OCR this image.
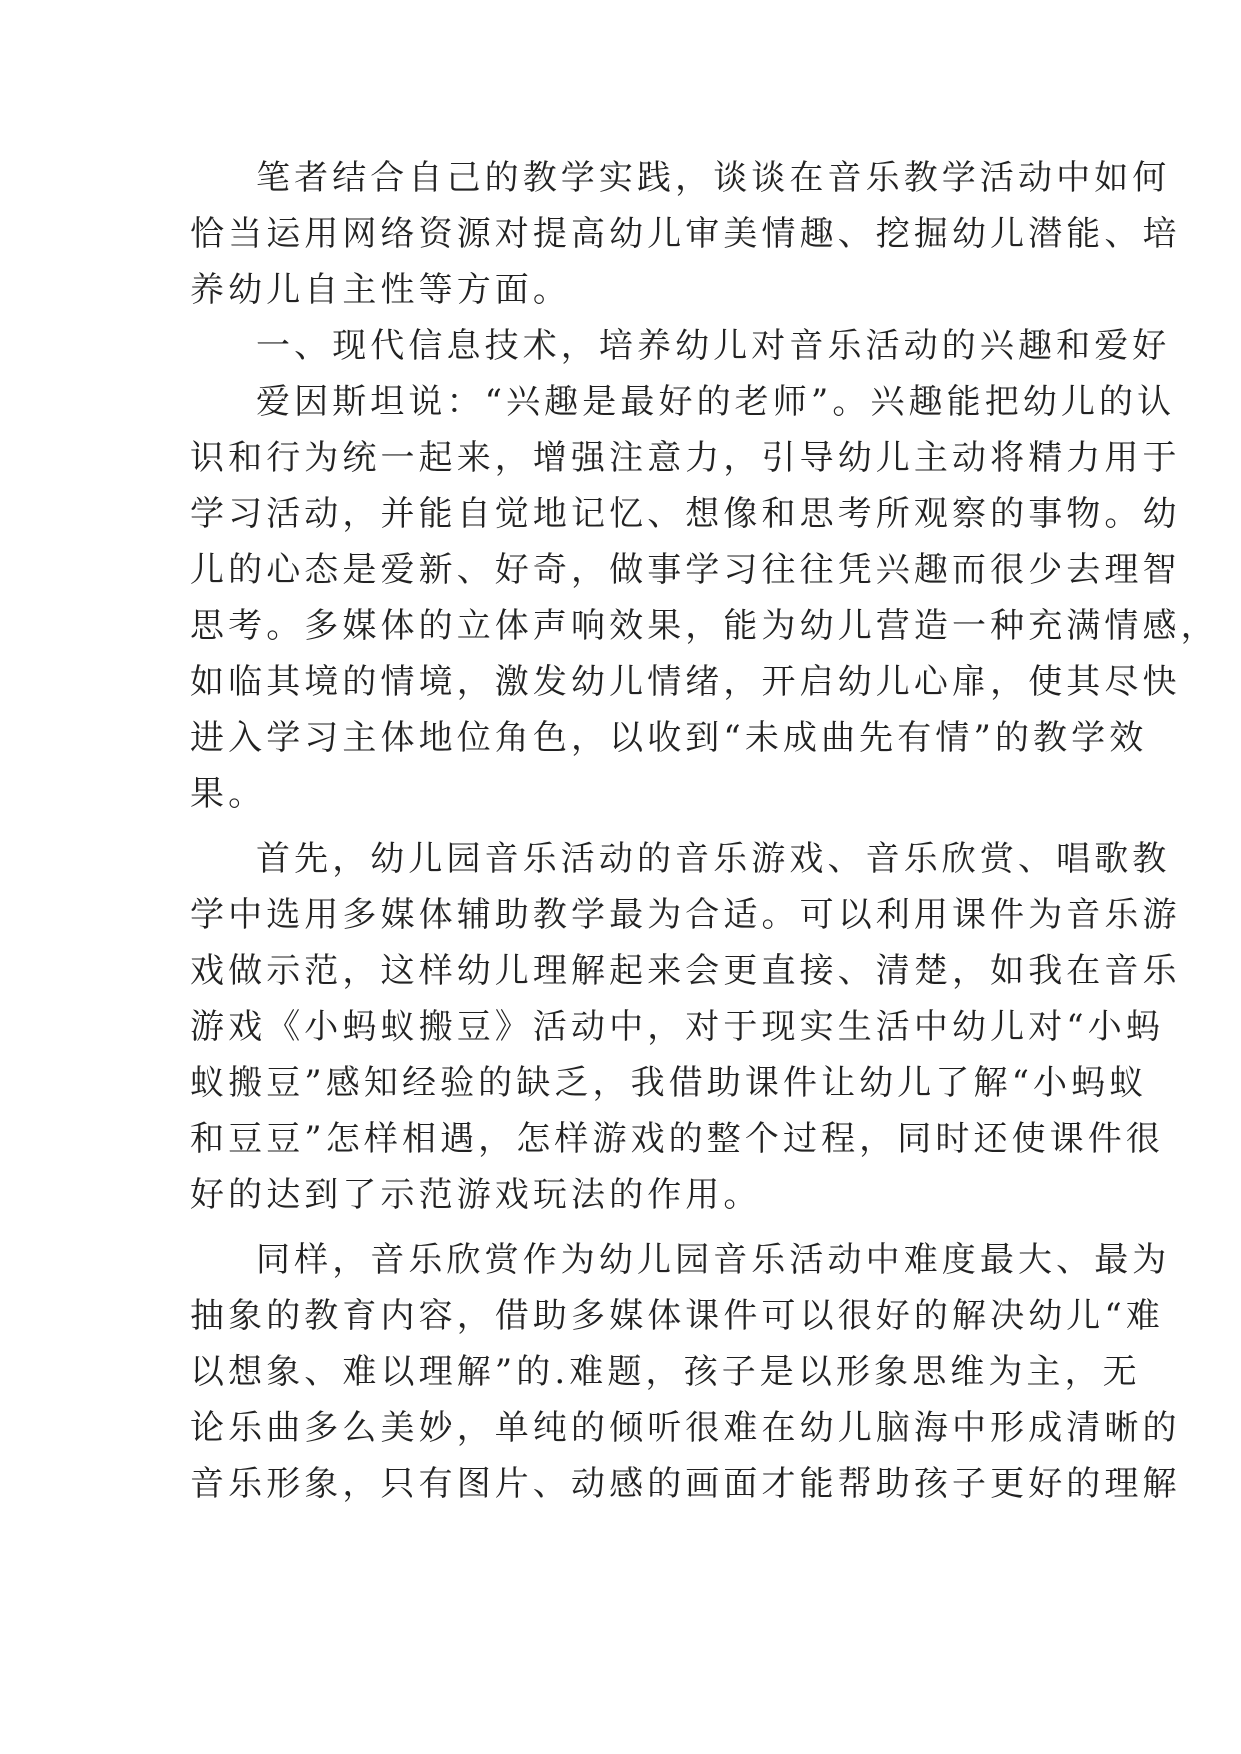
笔者结合自己的教学实践，谈谈在音乐教学活动中如何
恰当运用网络资源对提高幼儿审美情趣、挖掘幼儿潜能、培
养幼儿自主性等方面。
一、现代信息技术，培养幼儿对音乐活动的兴趣和爱好
爱因斯坦说：“兴趣是最好的老师”。兴趣能把幼儿的认
识和行为统一起来，增强注意力，引导幼儿主动将精力用于
学习活动，并能自觉地记忆、想像和思考所观察的事物。幼
儿的心态是爱新、好奇，做事学习往往凭兴趣而很少去理智
思考。多媒体的立体声响效果，能为幼儿营造一种充满情感，
如临其境的情境，激发幼儿情绪，开启幼儿心扉，使其尽快
进入学习主体地位角色，以收到“未成曲先有情”的教学效
果。
首先，幼儿园音乐活动的音乐游戏、音乐欣赏、唱歌教
学中选用多媒体辅助教学最为合适。可以利用课件为音乐游
戏做示范，这样幼儿理解起来会更直接、清楚，如我在音乐
游戏《小蚂蚁搬豆》活动中，对于现实生活中幼儿对“小蚂
蚁搬豆”感知经验的缺乏，我借助课件让幼儿了解“小蚂蚁
和豆豆”怎样相遇，怎样游戏的整个过程，同时还使课件很
好的达到了示范游戏玩法的作用。
同样，音乐欣赏作为幼儿园音乐活动中难度最大、最为
抽象的教育内容，借助多媒体课件可以很好的解决幼儿“难
以想象、难以理解”的.难题，孩子是以形象思维为主，无
论乐曲多么美妙，单纯的倾听很难在幼儿脑海中形成清晰的
音乐形象，只有图片、动感的画面才能帮助孩子更好的理解
